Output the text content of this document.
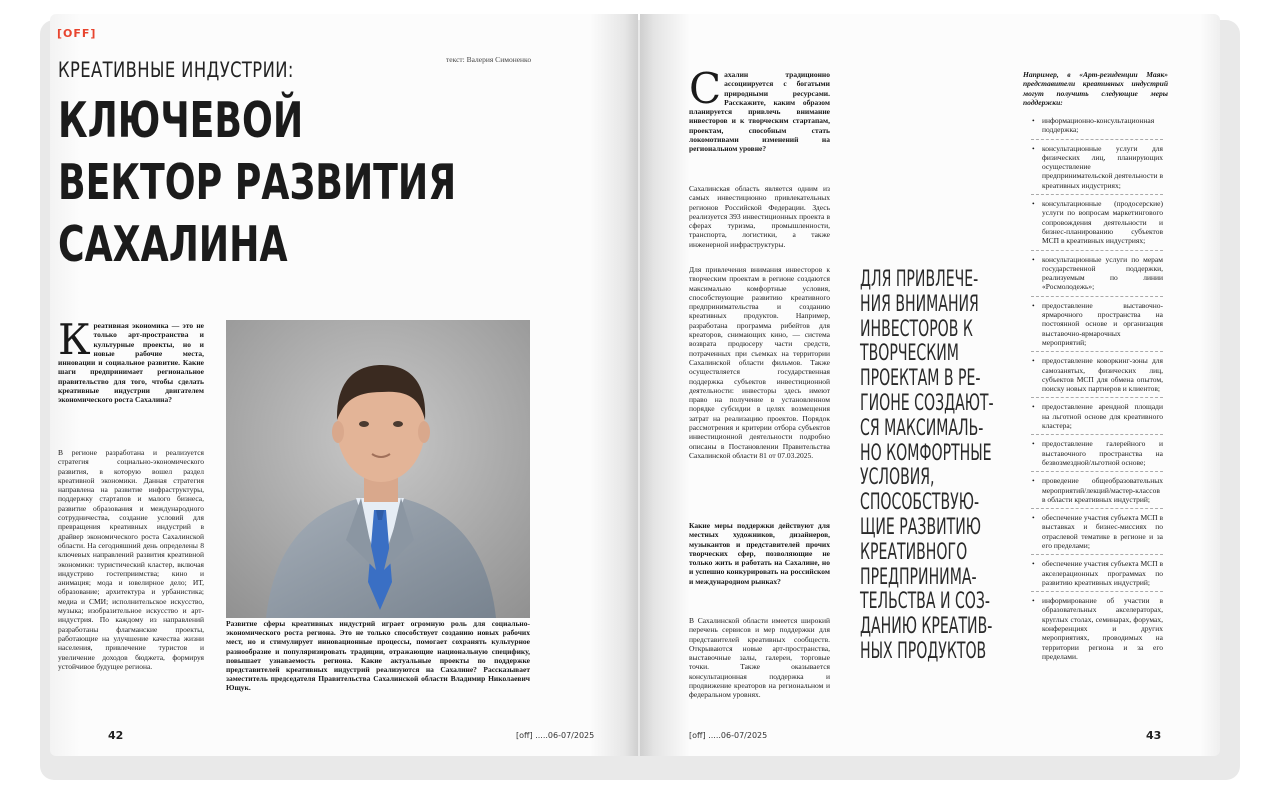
[OFF]
текст: Валерия Симоненко
КРЕАТИВНЫЕ ИНДУСТРИИ:
КЛЮЧЕВОЙ
ВЕКТОР РАЗВИТИЯ
САХАЛИНА
Креативная экономика — это не только арт-пространства и культурные проекты, но и новые рабочие места, инновации и социальное развитие. Какие шаги предпринимает региональное правительство для того, чтобы сделать креативные индустрии двигателем экономического роста Сахалина?
В регионе разработана и реализуется стратегия социально-экономического развития, в которую вошел раздел креативной экономики. Данная стратегия направлена на развитие инфраструктуры, поддержку стартапов и малого бизнеса, развитие образования и международного сотрудничества, создание условий для превращения креативных индустрий в драйвер экономического роста Сахалинской области. На сегодняшний день определены 8 ключевых направлений развития креативной экономики: туристический кластер, включая индустрию гостеприимства; кино и анимация; мода и ювелирное дело; ИТ, образование; архитектура и урбанистика; медиа и СМИ; исполнительское искусство, музыка; изобразительное искусство и арт-индустрия. По каждому из направлений разработаны флагманские проекты, работающие на улучшение качества жизни населения, привлечение туристов и увеличение доходов бюджета, формируя устойчивое будущее региона.
Развитие сферы креативных индустрий играет огромную роль для социально-экономического роста региона. Это не только способствует созданию новых рабочих мест, но и стимулирует инновационные процессы, помогает сохранять культурное разнообразие и популяризировать традиции, отражающие национальную специфику, повышает узнаваемость региона. Какие актуальные проекты по поддержке представителей креативных индустрий реализуются на Сахалине? Рассказывает заместитель председателя Правительства Сахалинской области Владимир Николаевич Ющук.
42	[off] .....06-07/2025
Сахалин традиционно ассоциируется с богатыми природными ресурсами. Расскажите, каким образом планируется привлечь внимание инвесторов и к творческим стартапам, проектам, способным стать локомотивами изменений на региональном уровне?
Сахалинская область является одним из самых инвестиционно привлекательных регионов Российской Федерации. Здесь реализуется 393 инвестиционных проекта в сферах туризма, промышленности, транспорта, логистики, а также инженерной инфраструктуры.
Для привлечения внимания инвесторов к творческим проектам в регионе создаются максимально комфортные условия, способствующие развитию креативного предпринимательства и созданию креативных продуктов. Например, разработана программа рибейтов для креаторов, снимающих кино, — система возврата продюсеру части средств, потраченных при съемках на территории Сахалинской области фильмов. Также осуществляется государственная поддержка субъектов инвестиционной деятельности: инвесторы здесь имеют право на получение в установленном порядке субсидии в целях возмещения затрат на реализацию проектов. Порядок рассмотрения и критерии отбора субъектов инвестиционной деятельности подробно описаны в Постановлении Правительства Сахалинской области 81 от 07.03.2025.
Какие меры поддержки действуют для местных художников, дизайнеров, музыкантов и представителей прочих творческих сфер, позволяющие не только жить и работать на Сахалине, но и успешно конкурировать на российском и международном рынках?
В Сахалинской области имеется широкий перечень сервисов и мер поддержки для представителей креативных сообществ. Открываются новые арт-пространства, выставочные залы, галереи, торговые точки. Также оказывается консультационная поддержка и продвижение креаторов на региональном и федеральном уровнях.
ДЛЯ ПРИВЛЕЧЕ-
НИЯ ВНИМАНИЯ
ИНВЕСТОРОВ К
ТВОРЧЕСКИМ
ПРОЕКТАМ В РЕ-
ГИОНЕ СОЗДАЮТ-
СЯ МАКСИМАЛЬ-
НО КОМФОРТНЫЕ
УСЛОВИЯ,
СПОСОБСТВУЮ-
ЩИЕ РАЗВИТИЮ
КРЕАТИВНОГО
ПРЕДПРИНИМА-
ТЕЛЬСТВА И СОЗ-
ДАНИЮ КРЕАТИВ-
НЫХ ПРОДУКТОВ
Например, в «Арт-резиденции Маяк» представители креативных индустрий могут получить следующие меры поддержки:
• информационно-консультационная поддержка;
• консультационные услуги для физических лиц, планирующих осуществление предпринимательской деятельности в креативных индустриях;
• консультационные (продосерские) услуги по вопросам маркетингового сопровождения деятельности и бизнес-планированию субъектов МСП в креативных индустриях;
• консультационные услуги по мерам государственной поддержки, реализуемым по линии «Росмолодежь»;
• предоставление выставочно-ярмарочного пространства на постоянной основе и организация выставочно-ярмарочных мероприятий;
• предоставление коворкинг-зоны для самозанятых, физических лиц, субъектов МСП для обмена опытом, поиску новых партнеров и клиентов;
• предоставление арендной площади на льготной основе для креативного кластера;
• предоставление галерейного и выставочного пространства на безвозмездной/льготной основе;
• проведение общеобразовательных мероприятий/лекций/мастер-классов в области креативных индустрий;
• обеспечение участия субъекта МСП в выставках и бизнес-миссиях по отраслевой тематике в регионе и за его пределами;
• обеспечение участия субъекта МСП в акселерационных программах по развитию креативных индустрий;
• информирование об участии в образовательных акселераторах, круглых столах, семинарах, форумах, конференциях и других мероприятиях, проводимых на территории региона и за его пределами.
[off] .....06-07/2025	43
